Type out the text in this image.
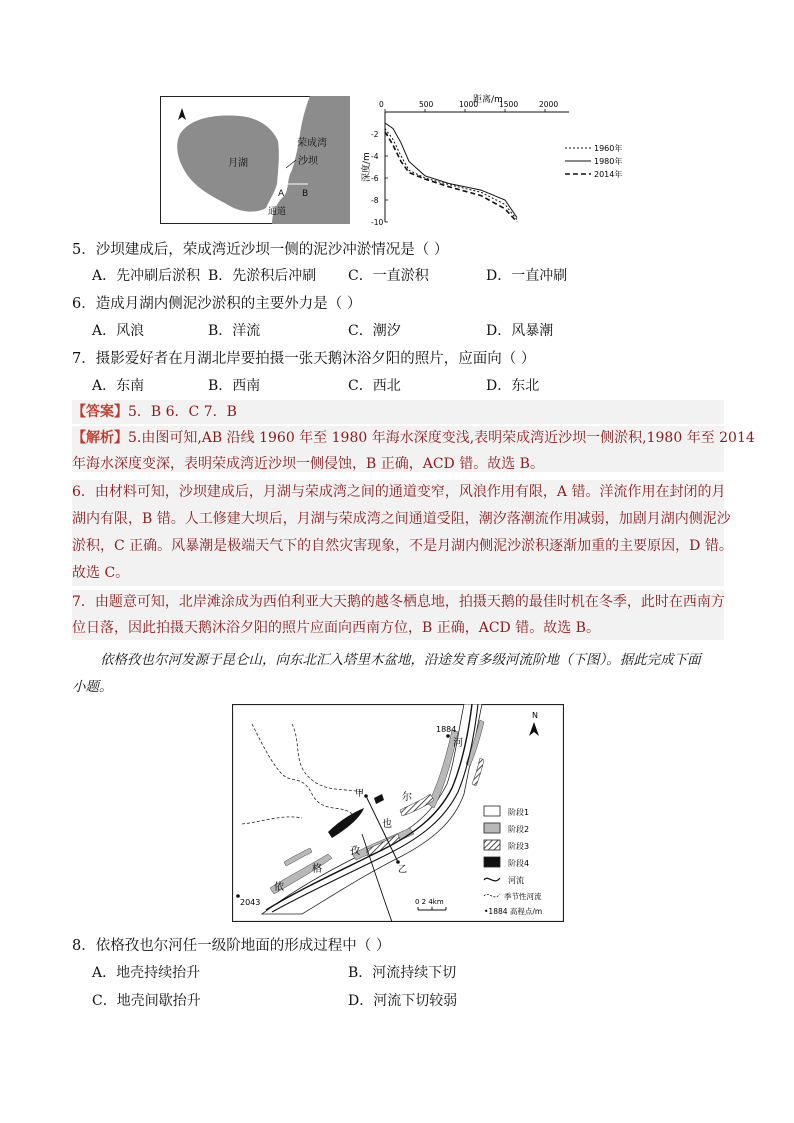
月湖
荣成湾
沙坝
A B
通道
距离/m
深度/m
0	500	1000	1500	2000
-2
-4
-6
-8
-10
1960年
1980年
2014年
5．沙坝建成后，荣成湾近沙坝一侧的泥沙冲淤情况是（ ）
A．先冲刷后淤积 B．先淤积后冲刷 C．一直淤积	D．一直冲刷
6．造成月湖内侧泥沙淤积的主要外力是（ ）
A．风浪	B．洋流	C．潮汐	D．风暴潮
7．摄影爱好者在月湖北岸要拍摄一张天鹅沐浴夕阳的照片，应面向（ ）
A．东南	B．西南	C．西北	D．东北
【答案】5．B 6．C 7．B
【解析】5.由图可知,AB 沿线 1960 年至 1980 年海水深度变浅,表明荣成湾近沙坝一侧淤积,1980 年至 2014
年海水深度变深，表明荣成湾近沙坝一侧侵蚀，B 正确，ACD 错。故选 B。
6．由材料可知，沙坝建成后，月湖与荣成湾之间的通道变窄，风浪作用有限，A 错。洋流作用在封闭的月
湖内有限，B 错。人工修建大坝后，月湖与荣成湾之间通道受阻，潮汐落潮流作用减弱，加剧月湖内侧泥沙
淤积，C 正确。风暴潮是极端天气下的自然灾害现象，不是月湖内侧泥沙淤积逐渐加重的主要原因，D 错。
故选 C。
7．由题意可知，北岸滩涂成为西伯利亚大天鹅的越冬栖息地，拍摄天鹅的最佳时机在冬季，此时在西南方
位日落，因此拍摄天鹅沐浴夕阳的照片应面向西南方位，B 正确，ACD 错。故选 B。
依格孜也尔河发源于昆仑山，向东北汇入塔里木盆地，沿途发育多级河流阶地（下图）。据此完成下面
小题。
甲
乙
河
尔
也
孜
格
依
1884
2043
N
0 2 4km
阶段1
阶段2
阶段3
阶段4
河流
季节性河流
•1884 高程点/m
8．依格孜也尔河任一级阶地面的形成过程中（ ）
A．地壳持续抬升	B．河流持续下切
C．地壳间歇抬升	D．河流下切较弱
